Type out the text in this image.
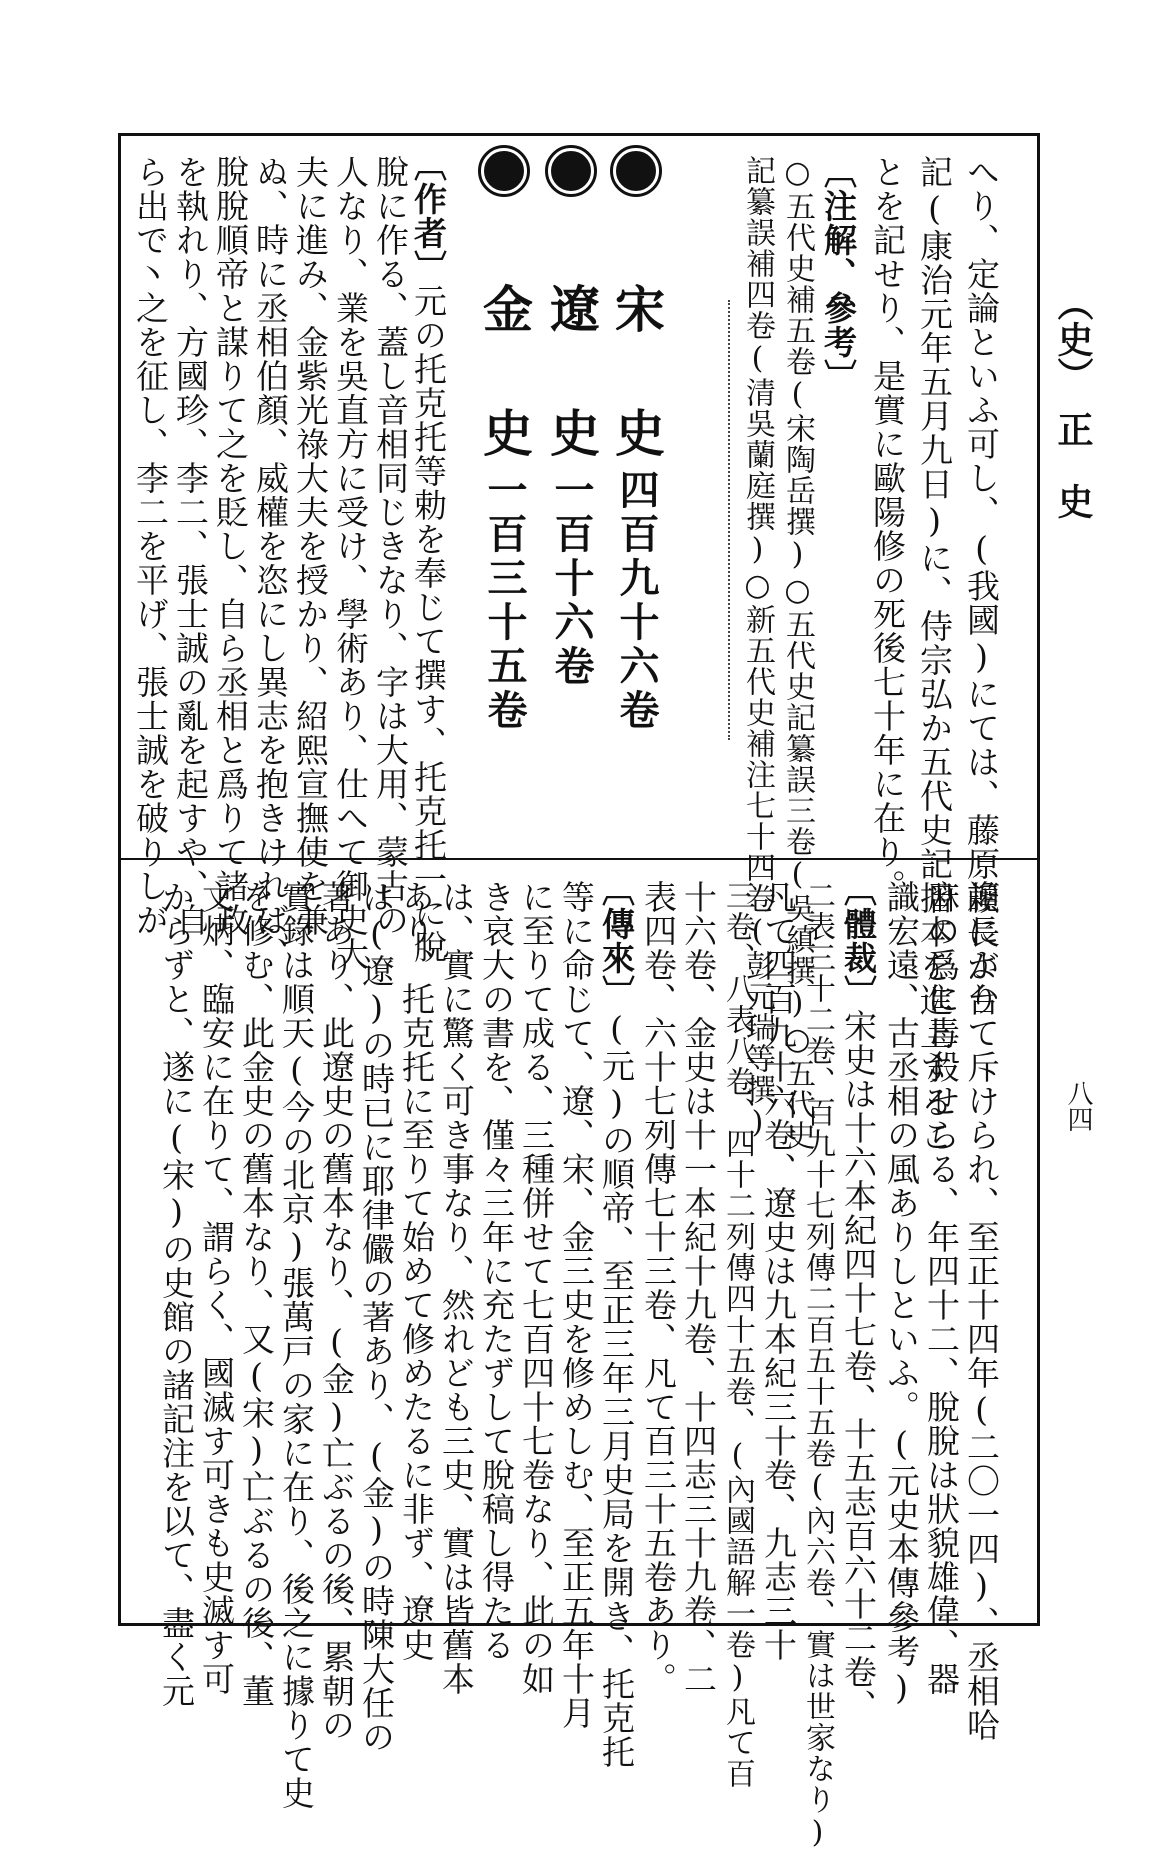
（史）　正　史
八四
へり、定論といふ可し、(我國)にては、藤原頼長が台
記(康治元年五月九日)に、侍宗弘か五代史記摺本を進上するこ
とを記せり、是實に歐陽修の死後七十年に在り。
〔注解、參考〕
○五代史補五卷(宋陶岳撰)○五代史記纂誤三卷(吳縝撰)○五代史
記纂誤補四卷(清吳蘭庭撰)○新五代史補注七十四卷(彭元瑞等撰)
宋　史四百九十六卷
遼　史一百十六卷
金　史一百三十五卷
〔作者〕元の托克托等勅を奉じて撰す、托克托一に脫
脫に作る、蓋し音相同じきなり、字は大用、蒙古の
人なり、業を吳直方に受け、學術あり、仕へて御史大
夫に進み、金紫光祿大夫を授かり、紹熙宣撫使を兼
ぬ、時に丞相伯顏、威權を恣にし異志を抱きければ、
脫脫順帝と謀りて之を貶し、自ら丞相と爲りて諸政
を執れり、方國珍、李二、張士誠の亂を起すや、自
ら出で丶之を征し、李二を平げ、張士誠を破りしが
讒によりて斥けられ、至正十四年(二〇一四)、丞相哈
麻の爲に毒殺せらる、年四十二、脫脫は狀貌雄偉、器
識宏遠、古丞相の風ありしといふ。(元史本傳參考)
〔體裁〕宋史は十六本紀四十七卷、十五志百六十二卷、
二表三十二卷、百九十七列傳二百五十五卷(內六卷、實は世家なり)
凡て四百九十六卷、遼史は九本紀三十卷、九志三十
三卷、八表八卷、四十二列傳四十五卷、(內國語解一卷)凡て百
十六卷、金史は十一本紀十九卷、十四志三十九卷、二
表四卷、六十七列傳七十三卷、凡て百三十五卷あり。
〔傳來〕(元)の順帝、至正三年三月史局を開き、托克托
等に命じて、遼、宋、金三史を修めしむ、至正五年十月
に至りて成る、三種併せて七百四十七卷なり、此の如
き哀大の書を、僅々三年に充たずして脫稿し得たる
は、實に驚く可き事なり、然れども三史、實は皆舊本
あり、托克托に至りて始めて修めたるに非ず、遼史
は(遼)の時已に耶律儼の著あり、(金)の時陳大任の
著あり、此遼史の舊本なり、(金)亡ぶるの後、累朝の
實錄は順天(今の北京)張萬戸の家に在り、後之に據りて史
を修む、此金史の舊本なり、又(宋)亡ぶるの後、董
文炳、臨安に在りて、謂らく、國滅す可きも史滅す可
からずと、遂に(宋)の史館の諸記注を以て、盡く元
